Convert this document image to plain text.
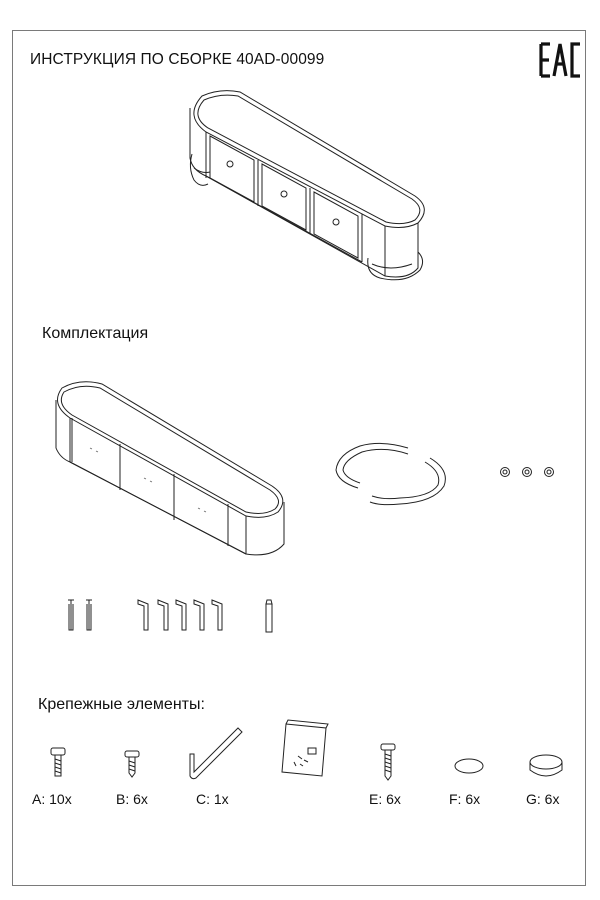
ИНСТРУКЦИЯ ПО СБОРКЕ 40AD-00099
Комплектация
Крепежные элементы:
A: 10x	B: 6x	C: 1x	E: 6x	F: 6x	G: 6x
